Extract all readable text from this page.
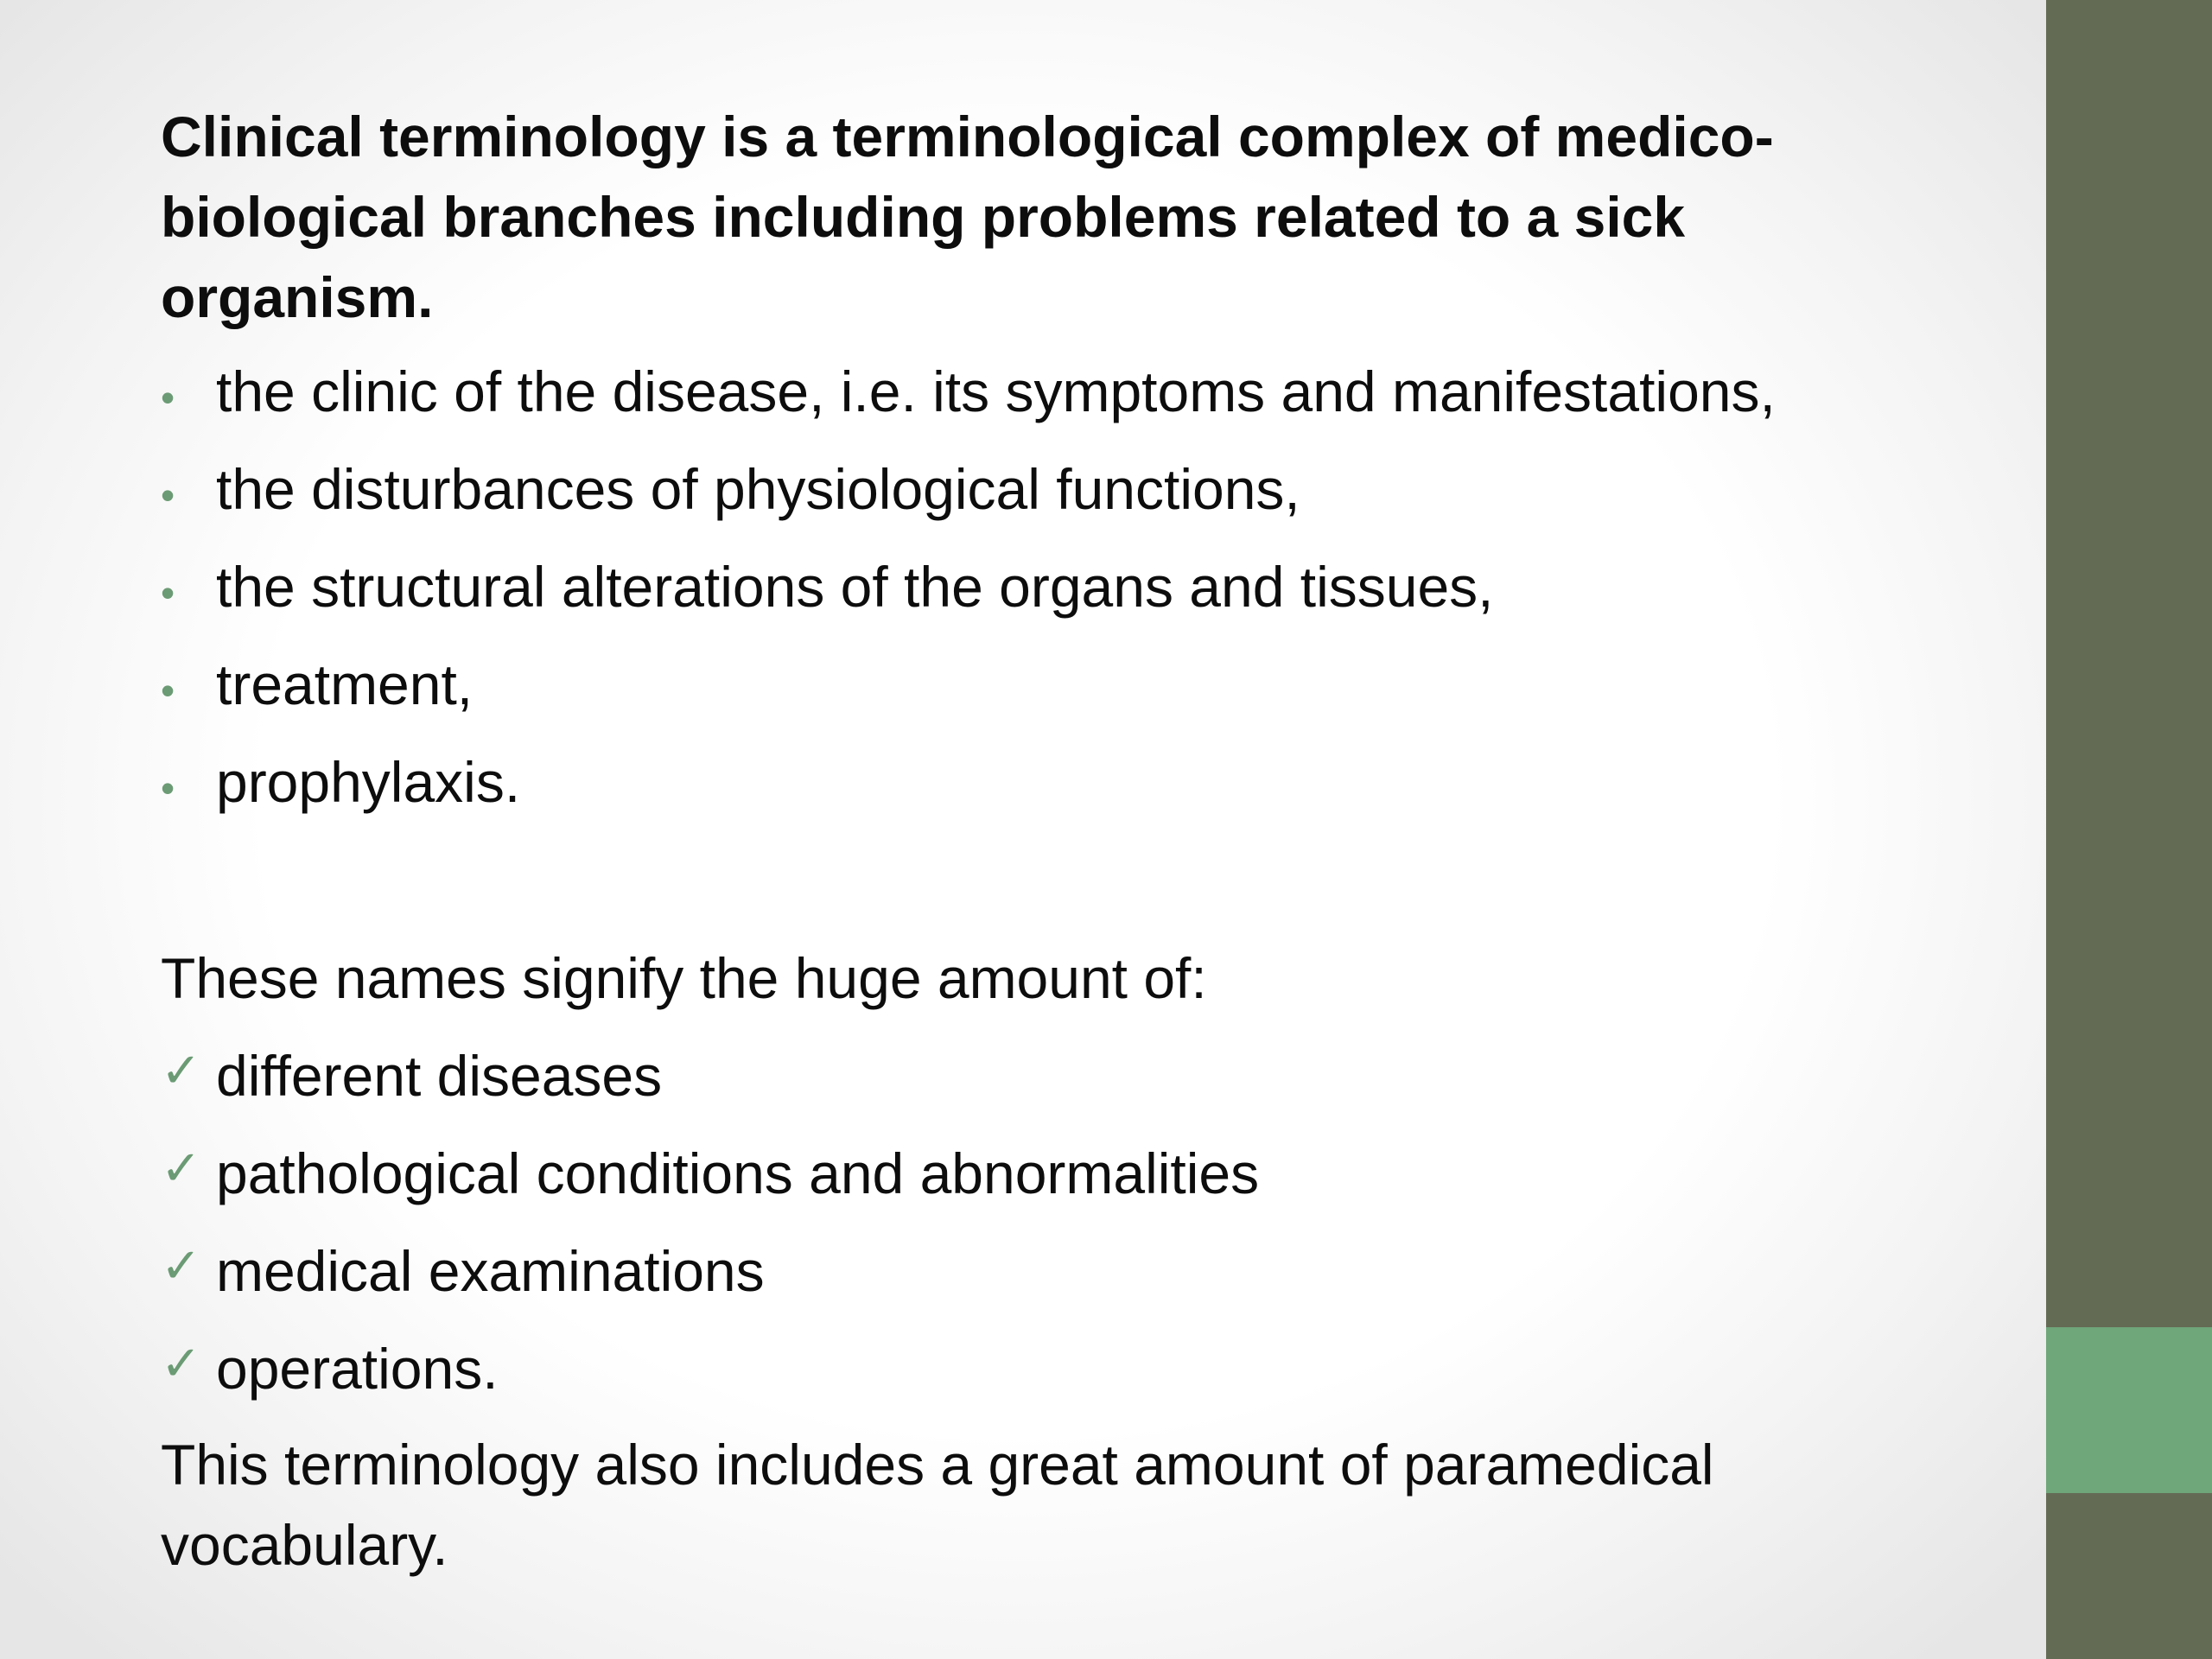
Clinical terminology is a terminological complex of medico-biological branches including problems related to a sick organism.

• the clinic of the disease, i.e. its symptoms and manifestations,
• the disturbances of physiological functions,
• the structural alterations of the organs and tissues,
• treatment,
• prophylaxis.

These names signify the huge amount of:

✓ different diseases
✓ pathological conditions and abnormalities
✓ medical examinations
✓ operations.

This terminology also includes a great amount of paramedical vocabulary.
